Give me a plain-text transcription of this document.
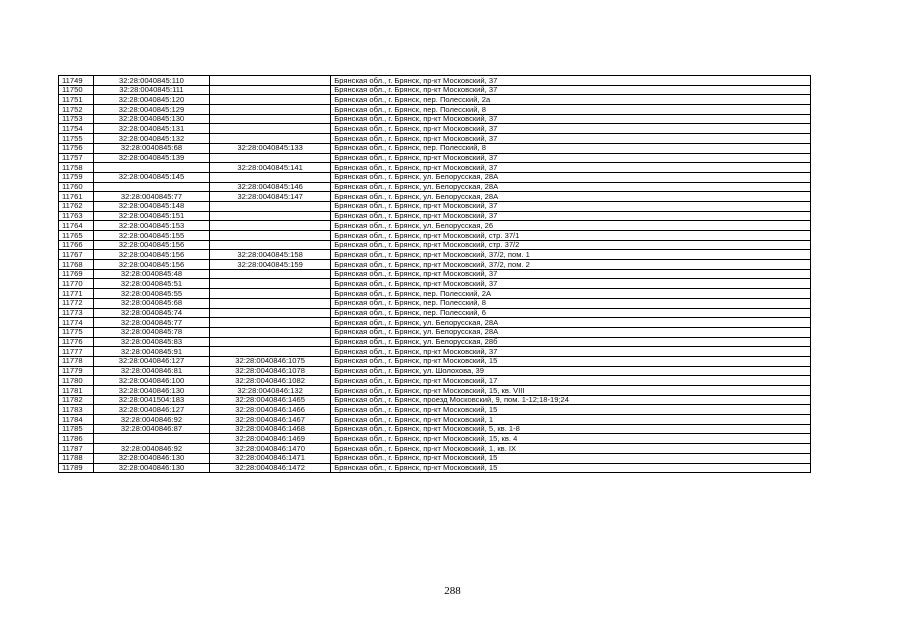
11749	32:28:0040845:110		Брянская обл., г. Брянск, пр-кт Московский, 37
11750	32:28:0040845:111		Брянская обл., г. Брянск, пр-кт Московский, 37
11751	32:28:0040845:120		Брянская обл., г. Брянск, пер. Полесский, 2а
11752	32:28:0040845:129		Брянская обл., г. Брянск, пер. Полесский, 8
11753	32:28:0040845:130		Брянская обл., г. Брянск, пр-кт Московский, 37
11754	32:28:0040845:131		Брянская обл., г. Брянск, пр-кт Московский, 37
11755	32:28:0040845:132		Брянская обл., г. Брянск, пр-кт Московский, 37
11756	32:28:0040845:68	32:28:0040845:133	Брянская обл., г. Брянск, пер. Полесский, 8
11757	32:28:0040845:139		Брянская обл., г. Брянск, пр-кт Московский, 37
11758		32:28:0040845:141	Брянская обл., г. Брянск, пр-кт Московский, 37
11759	32:28:0040845:145		Брянская обл., г. Брянск, ул. Белорусская, 28А
11760		32:28:0040845:146	Брянская обл., г. Брянск, ул. Белорусская, 28А
11761	32:28:0040845:77	32:28:0040845:147	Брянская обл., г. Брянск, ул. Белорусская, 28А
11762	32:28:0040845:148		Брянская обл., г. Брянск, пр-кт Московский, 37
11763	32:28:0040845:151		Брянская обл., г. Брянск, пр-кт Московский, 37
11764	32:28:0040845:153		Брянская обл., г. Брянск, ул. Белорусская, 26
11765	32:28:0040845:155		Брянская обл., г. Брянск, пр-кт Московский, стр. 37/1
11766	32:28:0040845:156		Брянская обл., г. Брянск, пр-кт Московский, стр. 37/2
11767	32:28:0040845:156	32:28:0040845:158	Брянская обл., г. Брянск, пр-кт Московский, 37/2, пом. 1
11768	32:28:0040845:156	32:28:0040845:159	Брянская обл., г. Брянск, пр-кт Московский, 37/2, пом. 2
11769	32:28:0040845:48		Брянская обл., г. Брянск, пр-кт Московский, 37
11770	32:28:0040845:51		Брянская обл., г. Брянск, пр-кт Московский, 37
11771	32:28:0040845:55		Брянская обл., г. Брянск, пер. Полесский, 2А
11772	32:28:0040845:68		Брянская обл., г. Брянск, пер. Полесский, 8
11773	32:28:0040845:74		Брянская обл., г. Брянск, пер. Полесский, 6
11774	32:28:0040845:77		Брянская обл., г. Брянск, ул. Белорусская, 28А
11775	32:28:0040845:78		Брянская обл., г. Брянск, ул. Белорусская, 28А
11776	32:28:0040845:83		Брянская обл., г. Брянск, ул. Белорусская, 28б
11777	32:28:0040845:91		Брянская обл., г. Брянск, пр-кт Московский, 37
11778	32:28:0040846:127	32:28:0040846:1075	Брянская обл., г. Брянск, пр-кт Московский, 15
11779	32:28:0040846:81	32:28:0040846:1078	Брянская обл., г. Брянск, ул. Шолохова, 39
11780	32:28:0040846:100	32:28:0040846:1082	Брянская обл., г. Брянск, пр-кт Московский, 17
11781	32:28:0040846:130	32:28:0040846:132	Брянская обл., г. Брянск, пр-кт Московский, 15, кв. VIII
11782	32:28:0041504:183	32:28:0040846:1465	Брянская обл., г. Брянск, проезд Московский, 9, пом. 1-12;18-19;24
11783	32:28:0040846:127	32:28:0040846:1466	Брянская обл., г. Брянск, пр-кт Московский, 15
11784	32:28:0040846:92	32:28:0040846:1467	Брянская обл., г. Брянск, пр-кт Московский, 1
11785	32:28:0040846:87	32:28:0040846:1468	Брянская обл., г. Брянск, пр-кт Московский, 5, кв. 1-8
11786		32:28:0040846:1469	Брянская обл., г. Брянск, пр-кт Московский, 15, кв. 4
11787	32:28:0040846:92	32:28:0040846:1470	Брянская обл., г. Брянск, пр-кт Московский, 1, кв. IX
11788	32:28:0040846:130	32:28:0040846:1471	Брянская обл., г. Брянск, пр-кт Московский, 15
11789	32:28:0040846:130	32:28:0040846:1472	Брянская обл., г. Брянск, пр-кт Московский, 15
288
